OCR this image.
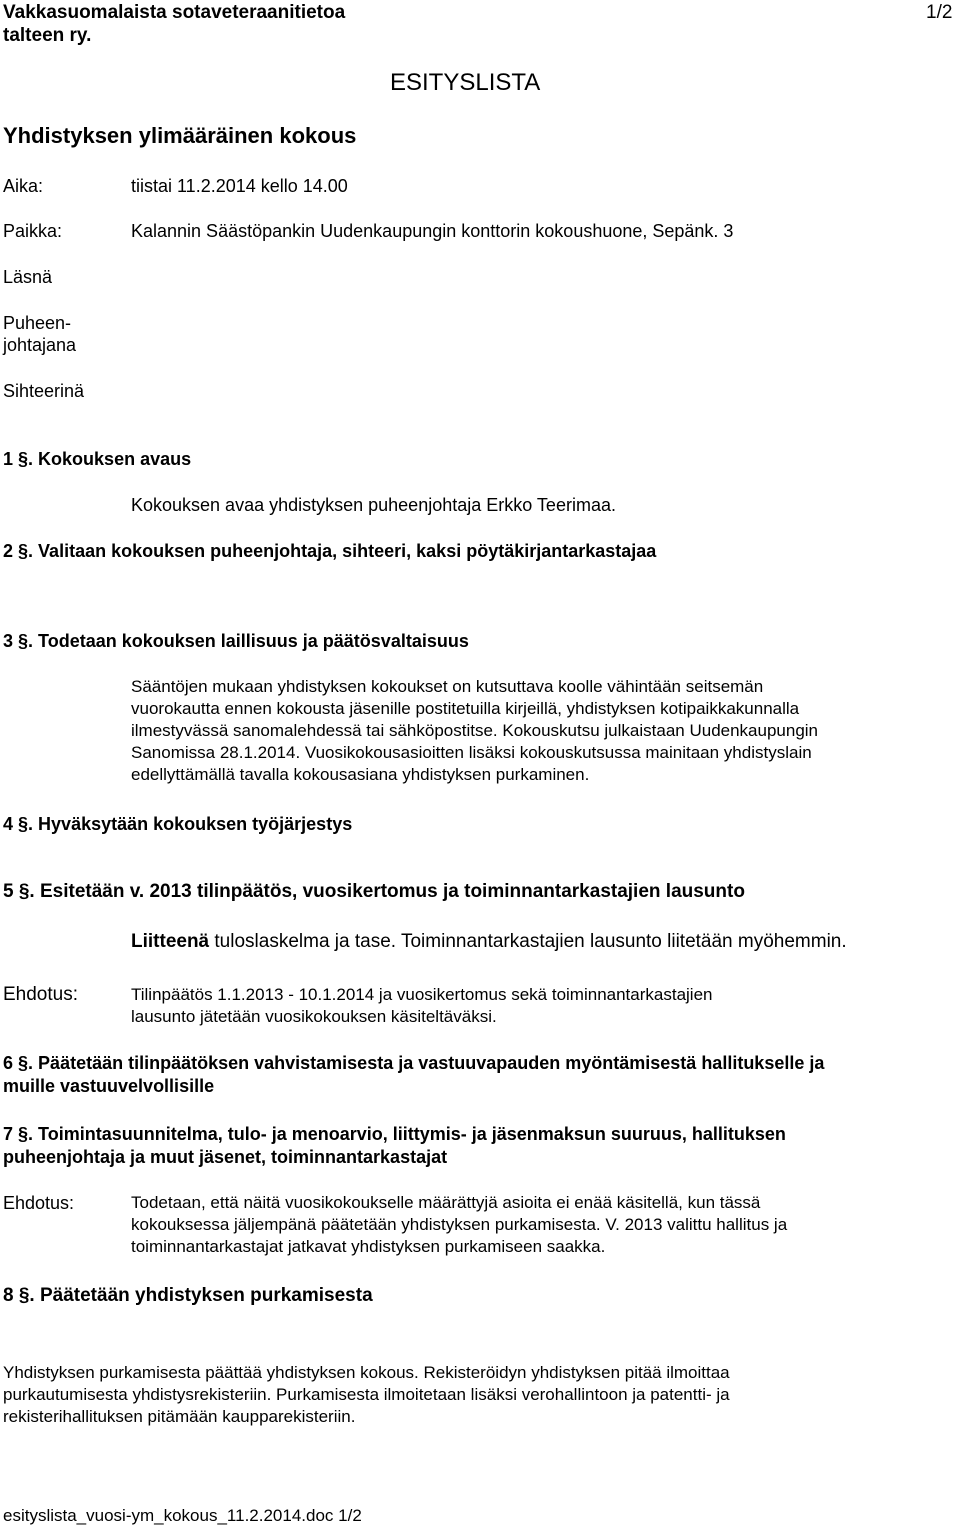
Vakkasuomalaista sotaveteraanitietoa
talteen ry.
1/2
ESITYSLISTA
Yhdistyksen ylimääräinen kokous
Aika:	tiistai 11.2.2014 kello 14.00
Paikka:	Kalannin Säästöpankin Uudenkaupungin konttorin kokoushuone, Sepänk. 3
Läsnä
Puheen-
johtajana
Sihteerinä
1 §. Kokouksen avaus
Kokouksen avaa yhdistyksen puheenjohtaja Erkko Teerimaa.
2 §. Valitaan kokouksen puheenjohtaja, sihteeri, kaksi pöytäkirjantarkastajaa
3 §. Todetaan kokouksen laillisuus ja päätösvaltaisuus
Sääntöjen mukaan yhdistyksen kokoukset on kutsuttava koolle vähintään seitsemän
vuorokautta ennen kokousta jäsenille postitetuilla kirjeillä, yhdistyksen kotipaikkakunnalla
ilmestyvässä sanomalehdessä tai sähköpostitse. Kokouskutsu julkaistaan Uudenkaupungin
Sanomissa 28.1.2014. Vuosikokousasioitten lisäksi kokouskutsussa mainitaan yhdistyslain
edellyttämällä tavalla kokousasiana yhdistyksen purkaminen.
4 §. Hyväksytään kokouksen työjärjestys
5 §. Esitetään v. 2013 tilinpäätös, vuosikertomus ja toiminnantarkastajien lausunto
Liitteenä tuloslaskelma ja tase. Toiminnantarkastajien lausunto liitetään myöhemmin.
Ehdotus:	Tilinpäätös 1.1.2013 - 10.1.2014 ja vuosikertomus sekä toiminnantarkastajien
lausunto jätetään vuosikokouksen käsiteltäväksi.
6 §. Päätetään tilinpäätöksen vahvistamisesta ja vastuuvapauden myöntämisestä hallitukselle ja
muille vastuuvelvollisille
7 §. Toimintasuunnitelma, tulo- ja menoarvio, liittymis- ja jäsenmaksun suuruus, hallituksen
puheenjohtaja ja muut jäsenet, toiminnantarkastajat
Ehdotus:	Todetaan, että näitä vuosikokoukselle määrättyjä asioita ei enää käsitellä, kun tässä
kokouksessa jäljempänä päätetään yhdistyksen purkamisesta. V. 2013 valittu hallitus ja
toiminnantarkastajat jatkavat yhdistyksen purkamiseen saakka.
8 §. Päätetään yhdistyksen purkamisesta
Yhdistyksen purkamisesta päättää yhdistyksen kokous. Rekisteröidyn yhdistyksen pitää ilmoittaa
purkautumisesta yhdistysrekisteriin. Purkamisesta ilmoitetaan lisäksi verohallintoon ja patentti- ja
rekisterihallituksen pitämään kaupparekisteriin.
esityslista_vuosi-ym_kokous_11.2.2014.doc 1/2
